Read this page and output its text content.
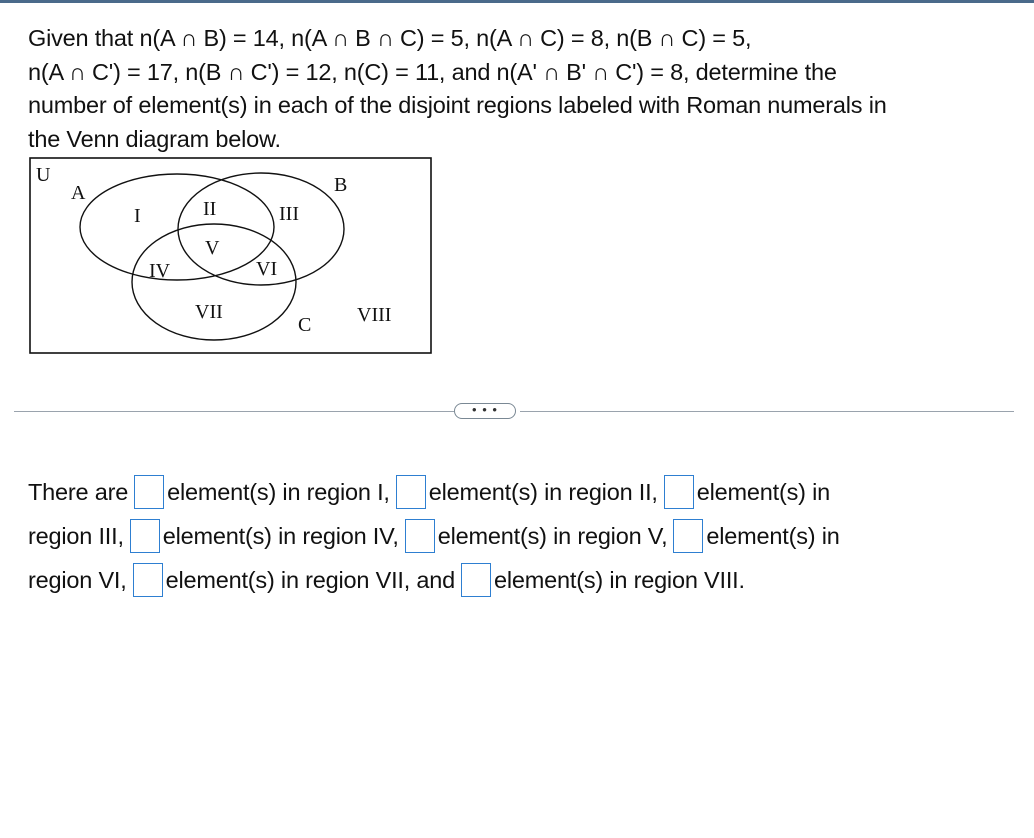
Given that n(A ∩ B) = 14, n(A ∩ B ∩ C) = 5, n(A ∩ C) = 8, n(B ∩ C) = 5,
n(A ∩ C') = 17, n(B ∩ C') = 12, n(C) = 11, and n(A' ∩ B' ∩ C') = 8, determine the
number of element(s) in each of the disjoint regions labeled with Roman numerals in
the Venn diagram below.
U
A	B
C
I	II	III
IV
V
VI
VII	VIII
• • •
There are element(s) in region I, element(s) in region II, element(s) in
region III, element(s) in region IV, element(s) in region V, element(s) in
region VI, element(s) in region VII, and element(s) in region VIII.
